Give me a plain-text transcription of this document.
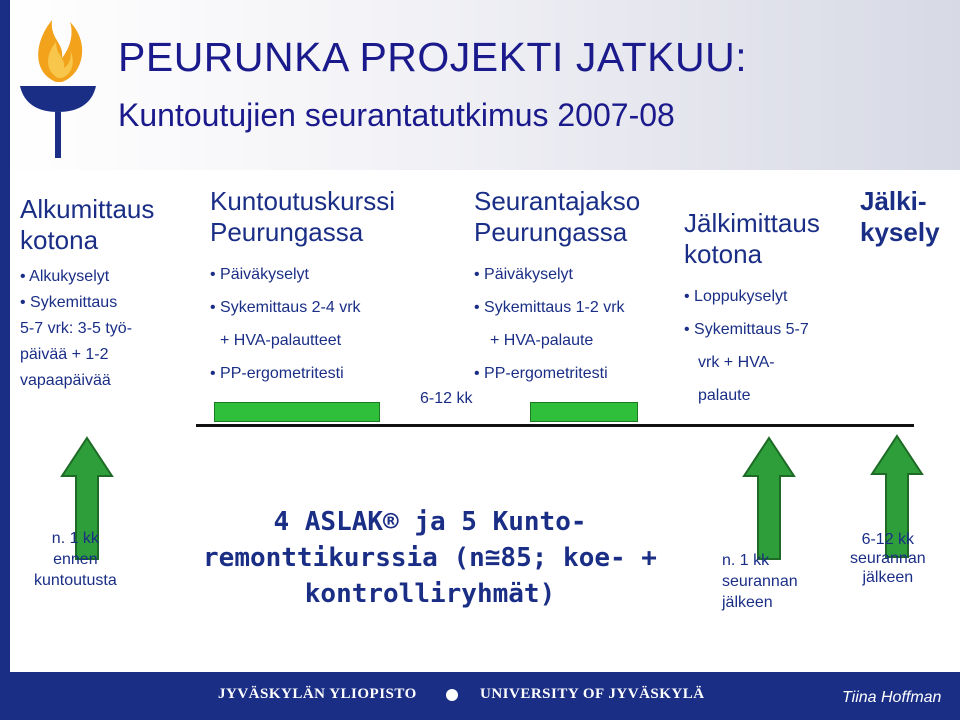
PEURUNKA PROJEKTI JATKUU:
Kuntoutujien seurantatutkimus 2007-08
Alkumittaus
kotona
• Alkukyselyt
• Sykemittaus
5-7 vrk: 3-5 työ-
päivää + 1-2
vapaapäivää
Kuntoutuskurssi
Peurungassa
• Päiväkyselyt
• Sykemittaus 2-4 vrk
+ HVA-palautteet
• PP-ergometritesti
6-12 kk
Seurantajakso
Peurungassa
• Päiväkyselyt
• Sykemittaus 1-2 vrk
+ HVA-palaute
• PP-ergometritesti
Jälkimittaus
kotona
• Loppukyselyt
• Sykemittaus 5-7
vrk + HVA-
palaute
Jälki-
kysely
n. 1 kk
ennen
kuntoutusta
n. 1 kk
seurannan
jälkeen
6-12 kk
seurannan
jälkeen
4 ASLAK® ja 5 Kunto-
remonttikurssia (n≅85; koe- +
kontrolliryhmät)
JYVÄSKYLÄN YLIOPISTO	UNIVERSITY OF JYVÄSKYLÄ	Tiina Hoffman
